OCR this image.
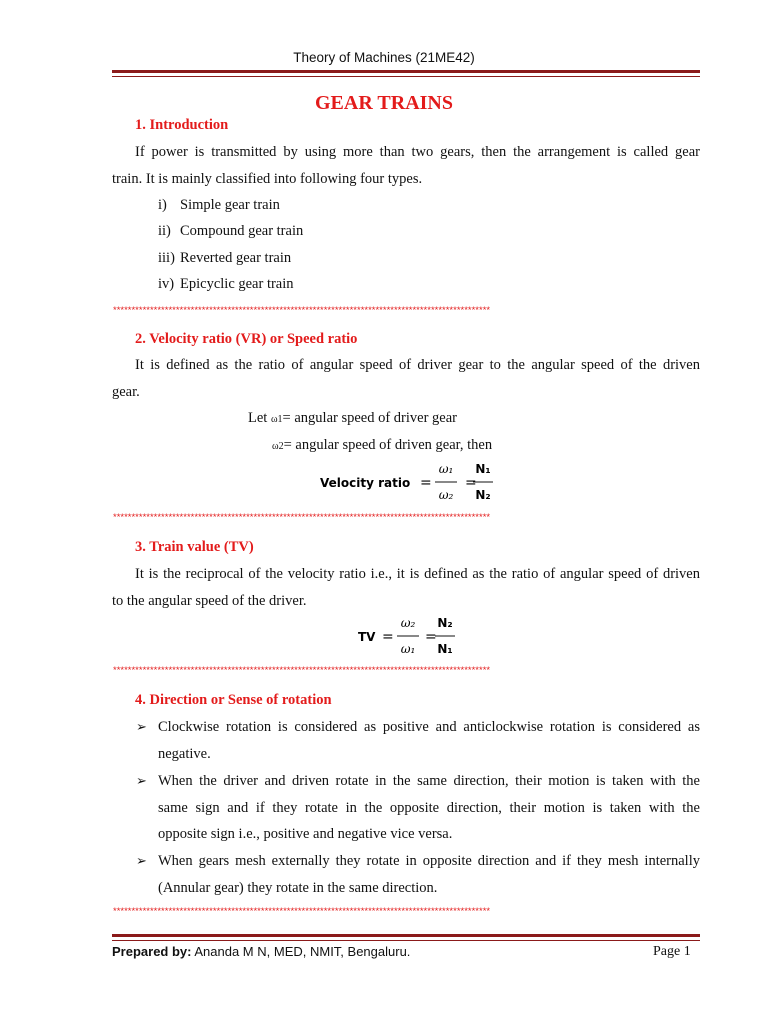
Theory of Machines (21ME42)
GEAR TRAINS
1. Introduction
If power is transmitted by using more than two gears, then the arrangement is called gear
train. It is mainly classified into following four types.
i) Simple gear train
ii) Compound gear train
iii) Reverted gear train
iv) Epicyclic gear train
******************************************************************************************************
2. Velocity ratio (VR) or Speed ratio
It is defined as the ratio of angular speed of driver gear to the angular speed of the driven
gear.
Let ω1= angular speed of driver gear
ω2= angular speed of driven gear, then
Velocity ratio =
ω₁
ω₂
=
N₁
N₂
******************************************************************************************************
3. Train value (TV)
It is the reciprocal of the velocity ratio i.e., it is defined as the ratio of angular speed of driven
to the angular speed of the driver.
TV =
ω₂
ω₁
=
N₂
N₁
******************************************************************************************************
4. Direction or Sense of rotation
➢ Clockwise rotation is considered as positive and anticlockwise rotation is considered as
negative.
➢ When the driver and driven rotate in the same direction, their motion is taken with the
same sign and if they rotate in the opposite direction, their motion is taken with the
opposite sign i.e., positive and negative vice versa.
➢ When gears mesh externally they rotate in opposite direction and if they mesh internally
(Annular gear) they rotate in the same direction.
******************************************************************************************************
Prepared by: Ananda M N, MED, NMIT, Bengaluru.	Page 1
